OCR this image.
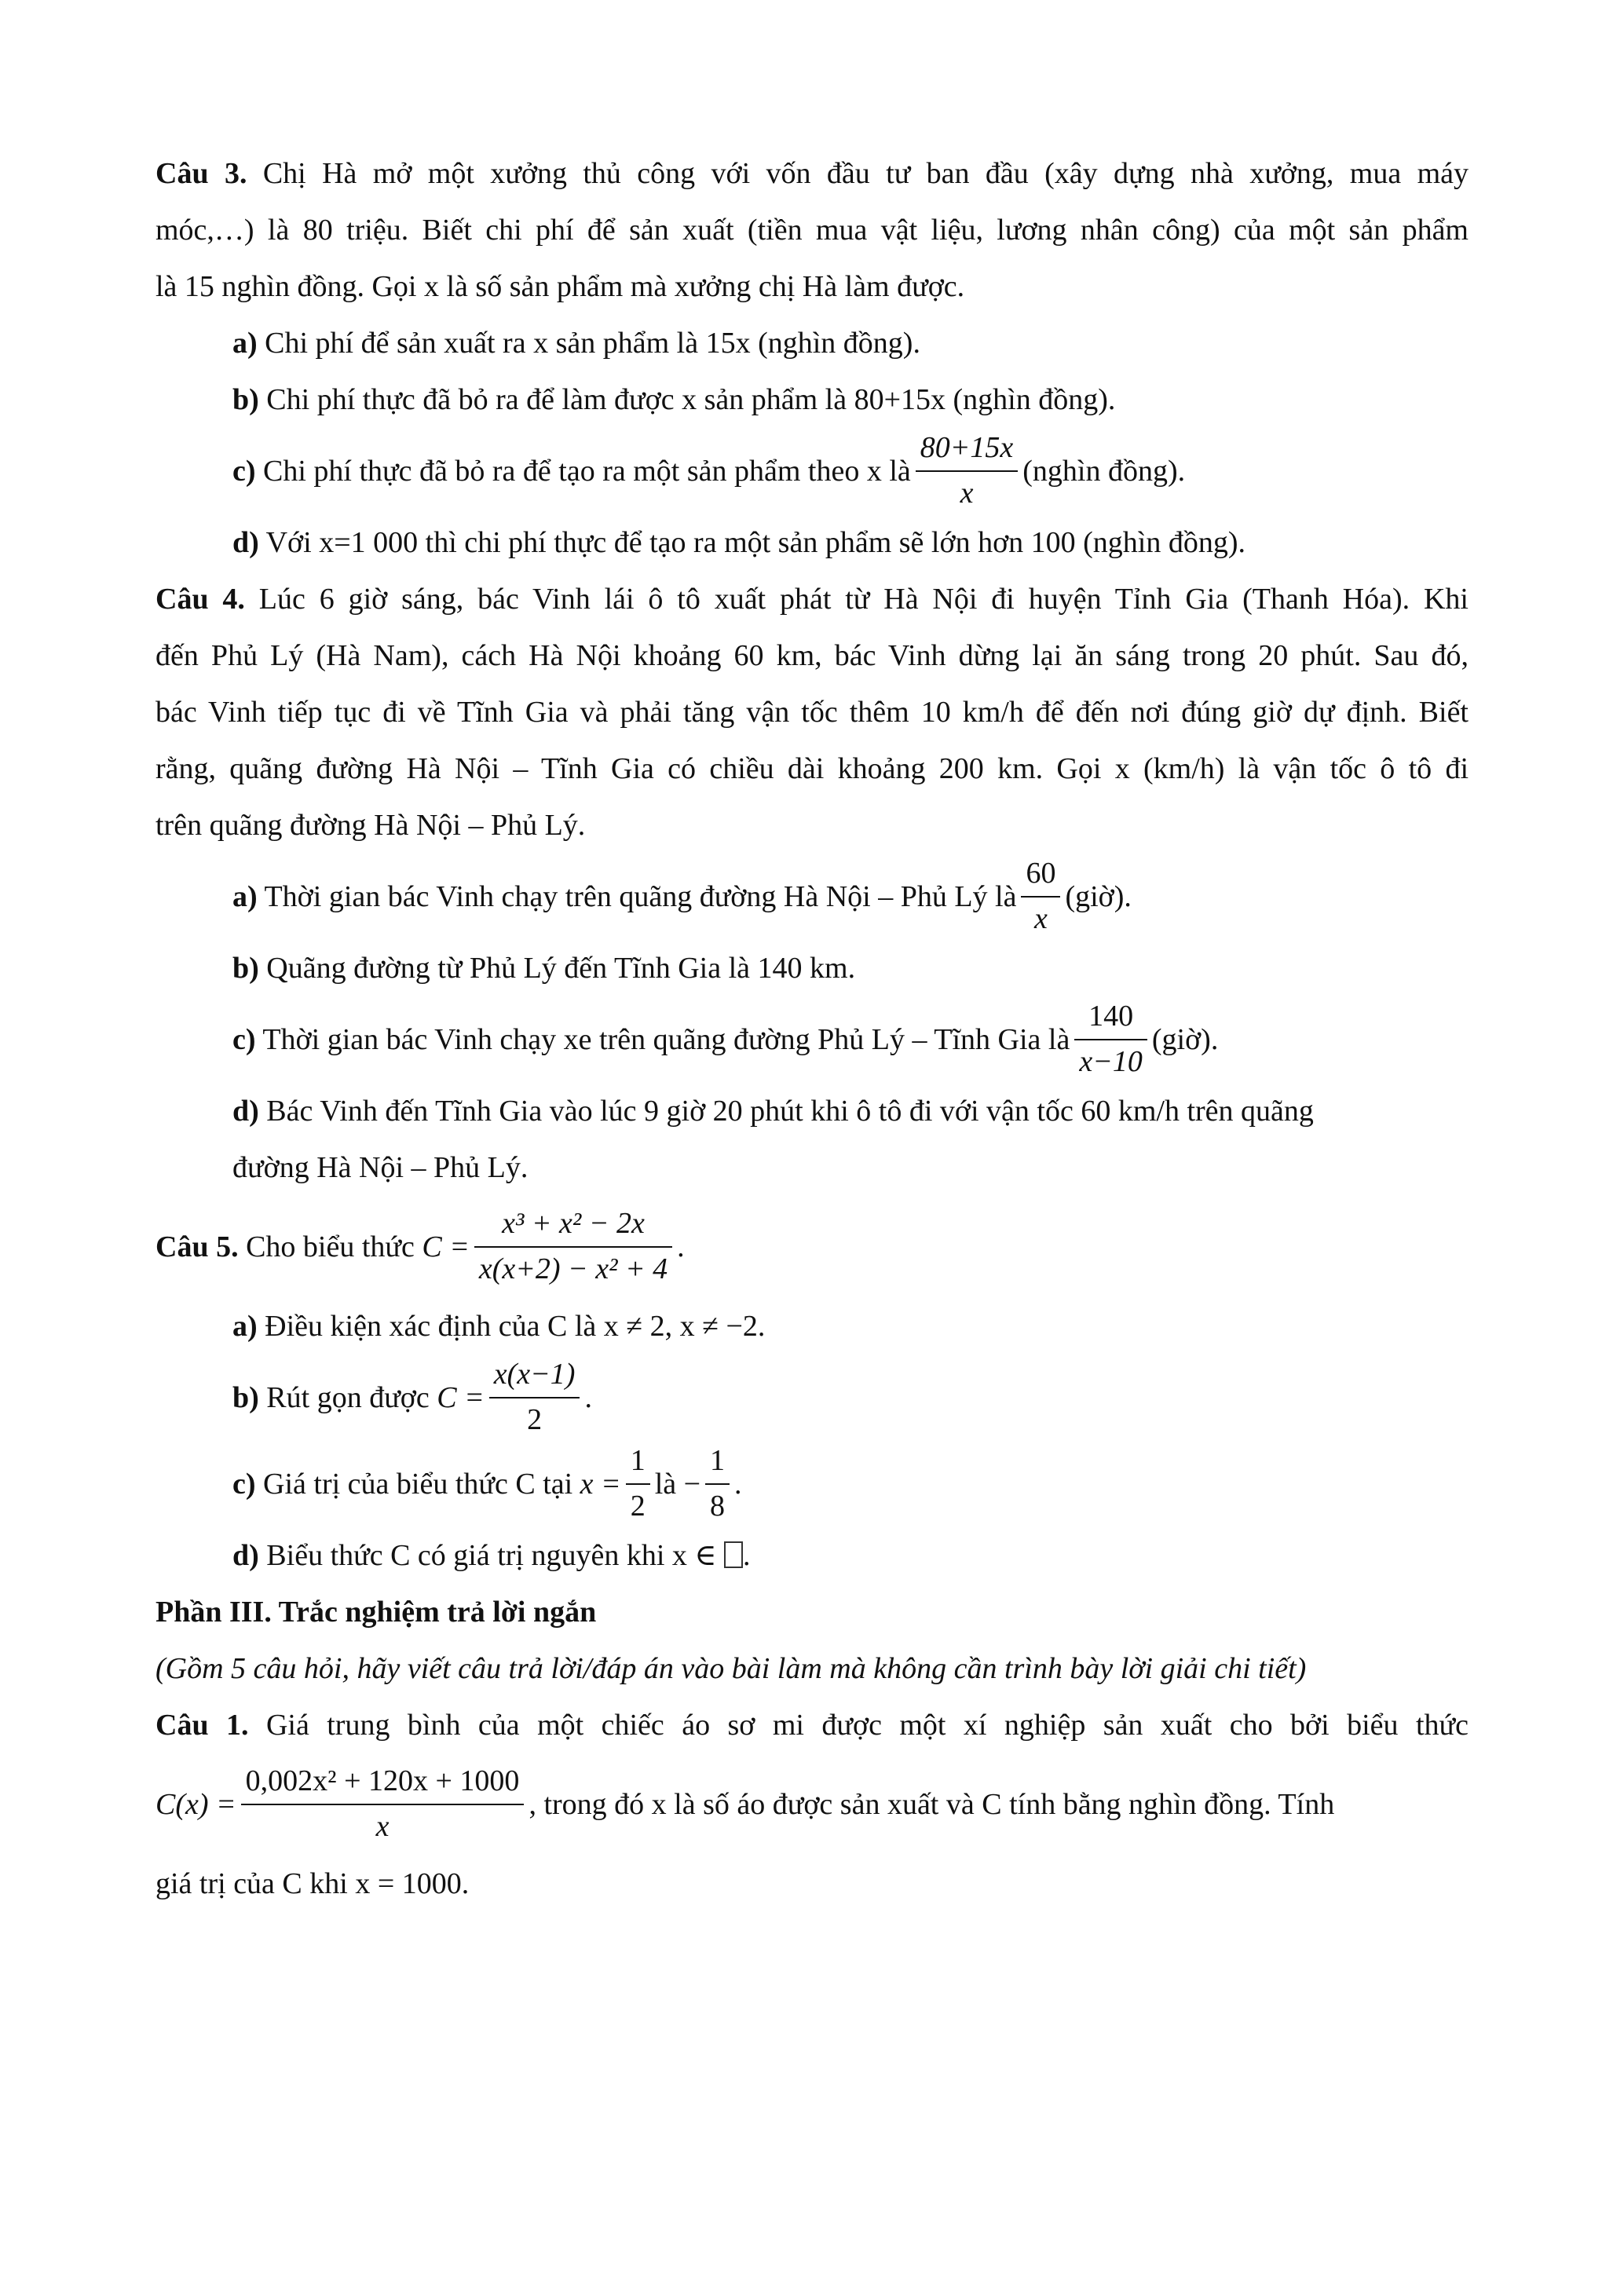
Câu 3. Chị Hà mở một xưởng thủ công với vốn đầu tư ban đầu (xây dựng nhà xưởng, mua máy

móc,…) là 80 triệu. Biết chi phí để sản xuất (tiền mua vật liệu, lương nhân công) của một sản phẩm

là 15 nghìn đồng. Gọi x là số sản phẩm mà xưởng chị Hà làm được.

a) Chi phí để sản xuất ra x sản phẩm là 15x (nghìn đồng).

b) Chi phí thực đã bỏ ra để làm được x sản phẩm là 80+15x (nghìn đồng).

c) Chi phí thực đã bỏ ra để tạo ra một sản phẩm theo x là $\frac{80+15x}{x}$ (nghìn đồng).

d) Với x=1 000 thì chi phí thực để tạo ra một sản phẩm sẽ lớn hơn 100 (nghìn đồng).

Câu 4. Lúc 6 giờ sáng, bác Vinh lái ô tô xuất phát từ Hà Nội đi huyện Tỉnh Gia (Thanh Hóa). Khi

đến Phủ Lý (Hà Nam), cách Hà Nội khoảng 60 km, bác Vinh dừng lại ăn sáng trong 20 phút. Sau đó,

bác Vinh tiếp tục đi về Tĩnh Gia và phải tăng vận tốc thêm 10 km/h để đến nơi đúng giờ dự định. Biết

rằng, quãng đường Hà Nội – Tĩnh Gia có chiều dài khoảng 200 km. Gọi x (km/h) là vận tốc ô tô đi

trên quãng đường Hà Nội – Phủ Lý.

a) Thời gian bác Vinh chạy trên quãng đường Hà Nội – Phủ Lý là $\frac{60}{x}$ (giờ).

b) Quãng đường từ Phủ Lý đến Tĩnh Gia là 140 km.

c) Thời gian bác Vinh chạy xe trên quãng đường Phủ Lý – Tĩnh Gia là $\frac{140}{x-10}$ (giờ).

d) Bác Vinh đến Tĩnh Gia vào lúc 9 giờ 20 phút khi ô tô đi với vận tốc 60 km/h trên quãng

đường Hà Nội – Phủ Lý.

Câu 5. Cho biểu thức $C = \frac{\text{x³ + x² − 2x}}{\text{x(x+2) − x² + 4}}$ .

a) Điều kiện xác định của C là x ≠ 2, x ≠ −2.

b) Rút gọn được $C = \frac{x(x-1)}{2}$ .
c) Giá trị của biểu thức C tại $x = \frac{1}{2}$ là − $\frac{1}{8}$ .

d) Biểu thức C có giá trị nguyên khi x ∈ .

Phần III. Trắc nghiệm trả lời ngắn

(Gồm 5 câu hỏi, hãy viết câu trả lời/đáp án vào bài làm mà không cần trình bày lời giải chi tiết)

Câu 1. Giá trung bình của một chiếc áo sơ mi được một xí nghiệp sản xuất cho bởi biểu thức

$C(x) = \frac{\text{0,002x² + 120x + 1000}}{x}$ , trong đó x là số áo được sản xuất và C tính bằng nghìn đồng. Tính

giá trị của C khi x = 1000.
